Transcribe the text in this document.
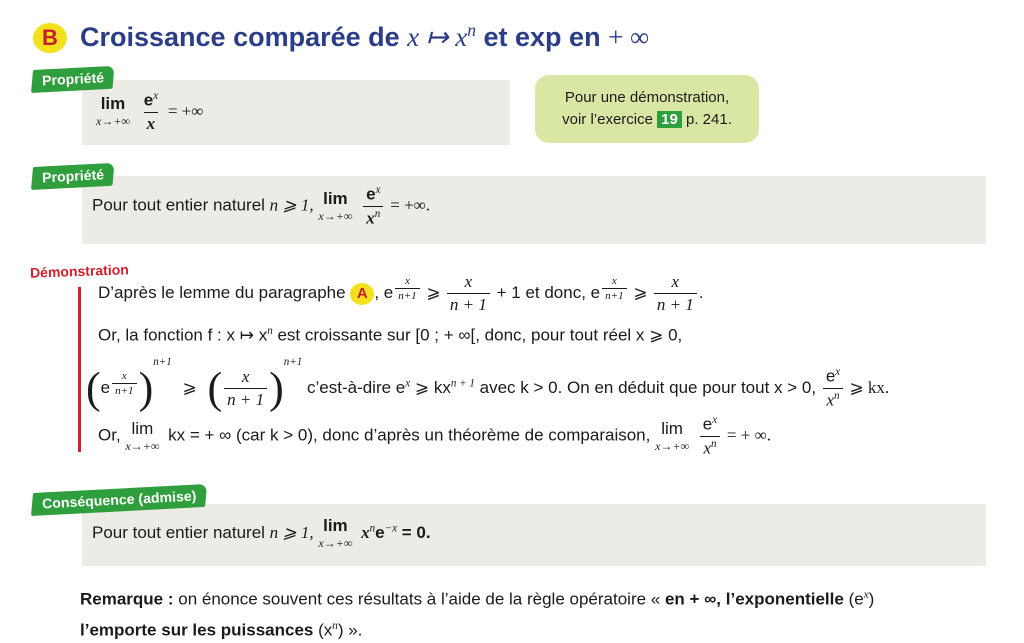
B Croissance comparée de x ↦ $x^n$ et exp en + ∞
Propriété
lim
x→+∞
$\frac{e^x}{x}$ = +∞
Pour une démonstration,
voir l’exercice 19 p. 241.
Propriété
Pour tout entier naturel n ⩾ 1, lim
x→+∞
$\frac{e^x}{x^n}$ = +∞.
Démonstration
D’après le lemme du paragraphe A , e $^{\frac{x}{n+1}}$ ⩾ $\frac{x}{n + 1} + 1$ et donc, e $^{\frac{x}{n+1}}$ ⩾ $\frac{x}{n + 1}$ .
Or, la fonction f : x ↦ $x^n$ est croissante sur [0 ; + ∞[, donc, pour tout réel x ⩾ 0,
(e $^{\frac{x}{n+1}}$ )$^{n+1}$ ⩾ ( $\frac{x}{n + 1} )^{n+1}$ c’est-à-dire $e^x$ ⩾ $kx^{n + 1}$ avec k > 0. On en déduit que pour tout x > 0, $\frac{e^x}{x^n}$ ⩾ kx.
Or, lim
x→+∞
kx = + ∞ (car k > 0), donc d’après un théorème de comparaison, lim
x→+∞
$\frac{e^x}{x^n}$ = + ∞.
Conséquence (admise)
Pour tout entier naturel n ⩾ 1, lim
x→+∞
$x^ne^{-x} = 0$.
Remarque : on énonce souvent ces résultats à l’aide de la règle opératoire « en + ∞, l’exponentielle $(e^x)$
l’emporte sur les puissances $(x^n)$ ».
